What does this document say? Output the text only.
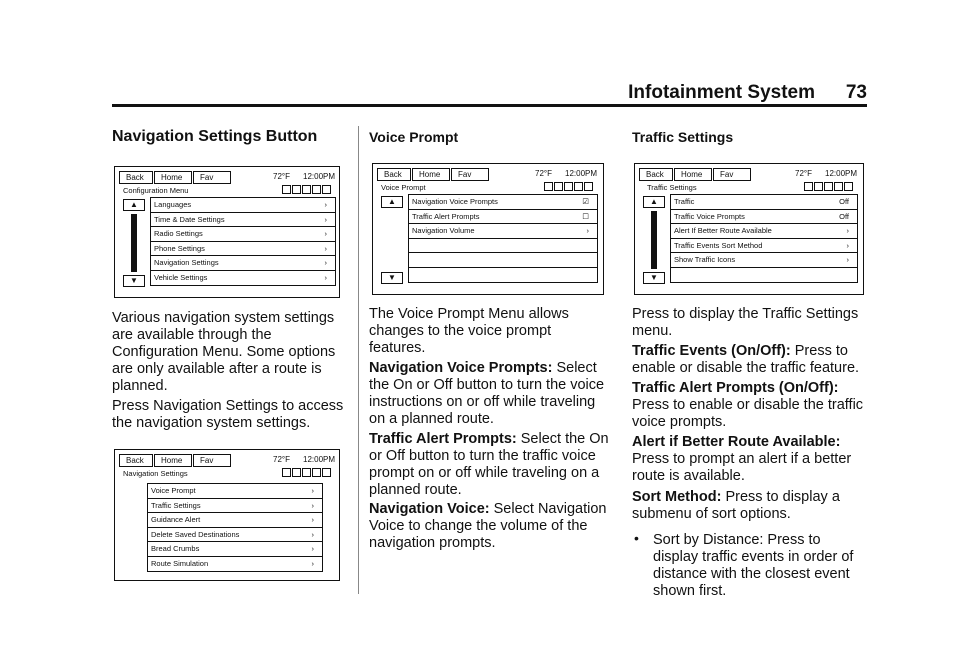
Infotainment System 73
Navigation Settings Button
Back	Home	Fav	72°F 12:00PM
Configuration Menu
▲
▼
Languages	›
Time & Date Settings	›
Radio Settings	›
Phone Settings	›
Navigation Settings	›
Vehicle Settings	›
Various navigation system settings are available through the Configuration Menu. Some options are only available after a route is planned.
Press Navigation Settings to access the navigation system settings.
Back	Home	Fav	72°F 12:00PM
Navigation Settings
Voice Prompt	›
Traffic Settings	›
Guidance Alert	›
Delete Saved Destinations	›
Bread Crumbs	›
Route Simulation	›
Voice Prompt
Back	Home	Fav	72°F 12:00PM
Voice Prompt
▲
▼
Navigation Voice Prompts	☑
Traffic Alert Prompts	☐
Navigation Volume	›
The Voice Prompt Menu allows changes to the voice prompt features.
Navigation Voice Prompts: Select the On or Off button to turn the voice instructions on or off while traveling on a planned route.
Traffic Alert Prompts: Select the On or Off button to turn the traffic voice prompt on or off while traveling on a planned route.
Navigation Voice: Select Navigation Voice to change the volume of the navigation prompts.
Traffic Settings
Back	Home	Fav	72°F 12:00PM
Traffic Settings
▲
▼
Traffic	Off
Traffic Voice Prompts	Off
Alert If Better Route Available	›
Traffic Events Sort Method	›
Show Traffic Icons	›
Press to display the Traffic Settings menu.
Traffic Events (On/Off): Press to enable or disable the traffic feature.
Traffic Alert Prompts (On/Off): Press to enable or disable the traffic voice prompts.
Alert if Better Route Available: Press to prompt an alert if a better route is available.
Sort Method: Press to display a submenu of sort options.
• Sort by Distance: Press to display traffic events in order of distance with the closest event shown first.
